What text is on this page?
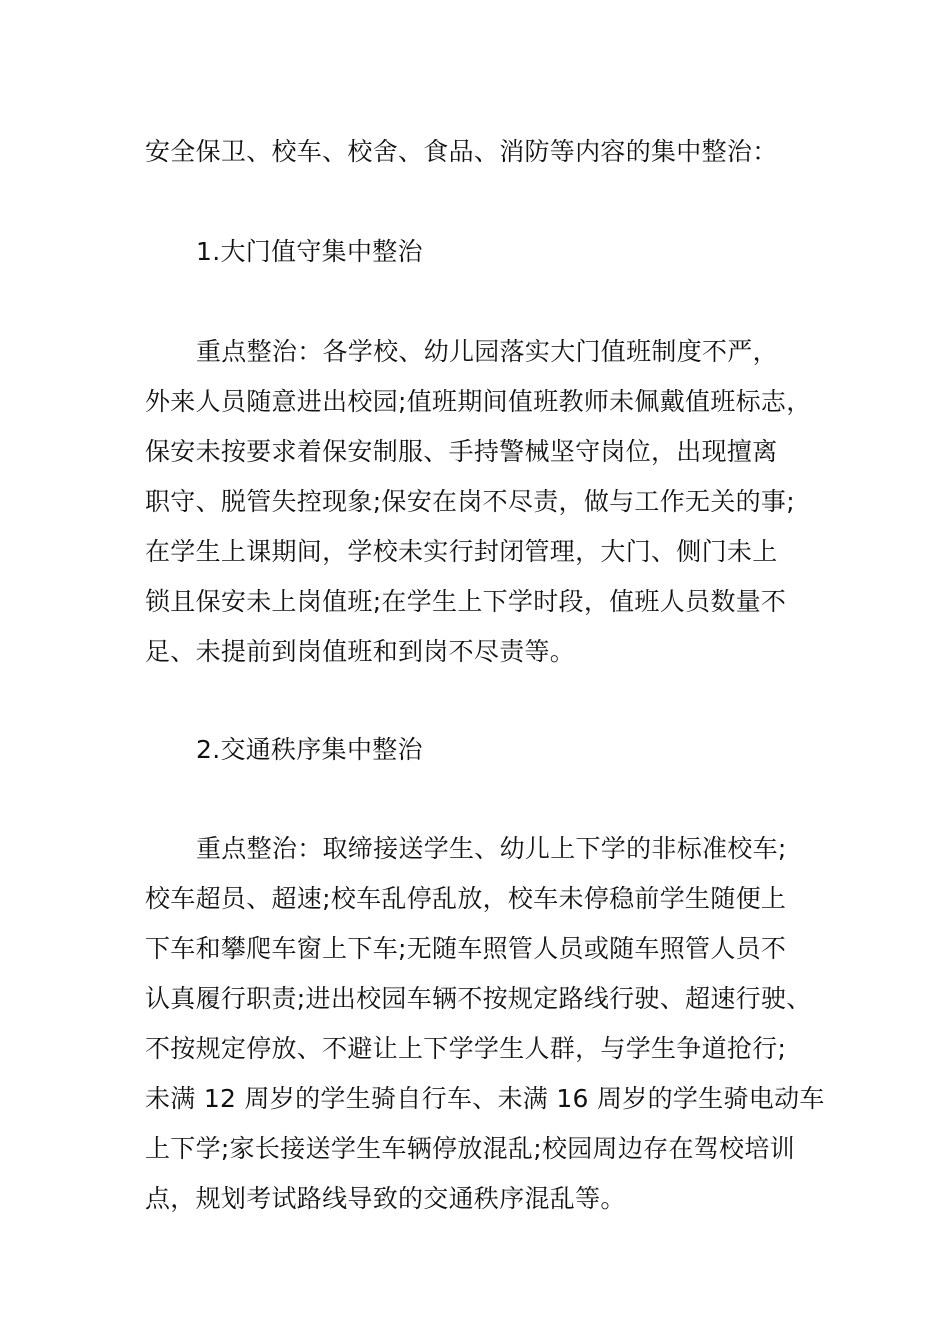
安全保卫、校车、校舍、食品、消防等内容的集中整治：
1.大门值守集中整治
重点整治：各学校、幼儿园落实大门值班制度不严，
外来人员随意进出校园;值班期间值班教师未佩戴值班标志，
保安未按要求着保安制服、手持警械坚守岗位，出现擅离
职守、脱管失控现象;保安在岗不尽责，做与工作无关的事;
在学生上课期间，学校未实行封闭管理，大门、侧门未上
锁且保安未上岗值班;在学生上下学时段，值班人员数量不
足、未提前到岗值班和到岗不尽责等。
2.交通秩序集中整治
重点整治：取缔接送学生、幼儿上下学的非标准校车;
校车超员、超速;校车乱停乱放，校车未停稳前学生随便上
下车和攀爬车窗上下车;无随车照管人员或随车照管人员不
认真履行职责;进出校园车辆不按规定路线行驶、超速行驶、
不按规定停放、不避让上下学学生人群，与学生争道抢行;
未满 12 周岁的学生骑自行车、未满 16 周岁的学生骑电动车
上下学;家长接送学生车辆停放混乱;校园周边存在驾校培训
点，规划考试路线导致的交通秩序混乱等。
